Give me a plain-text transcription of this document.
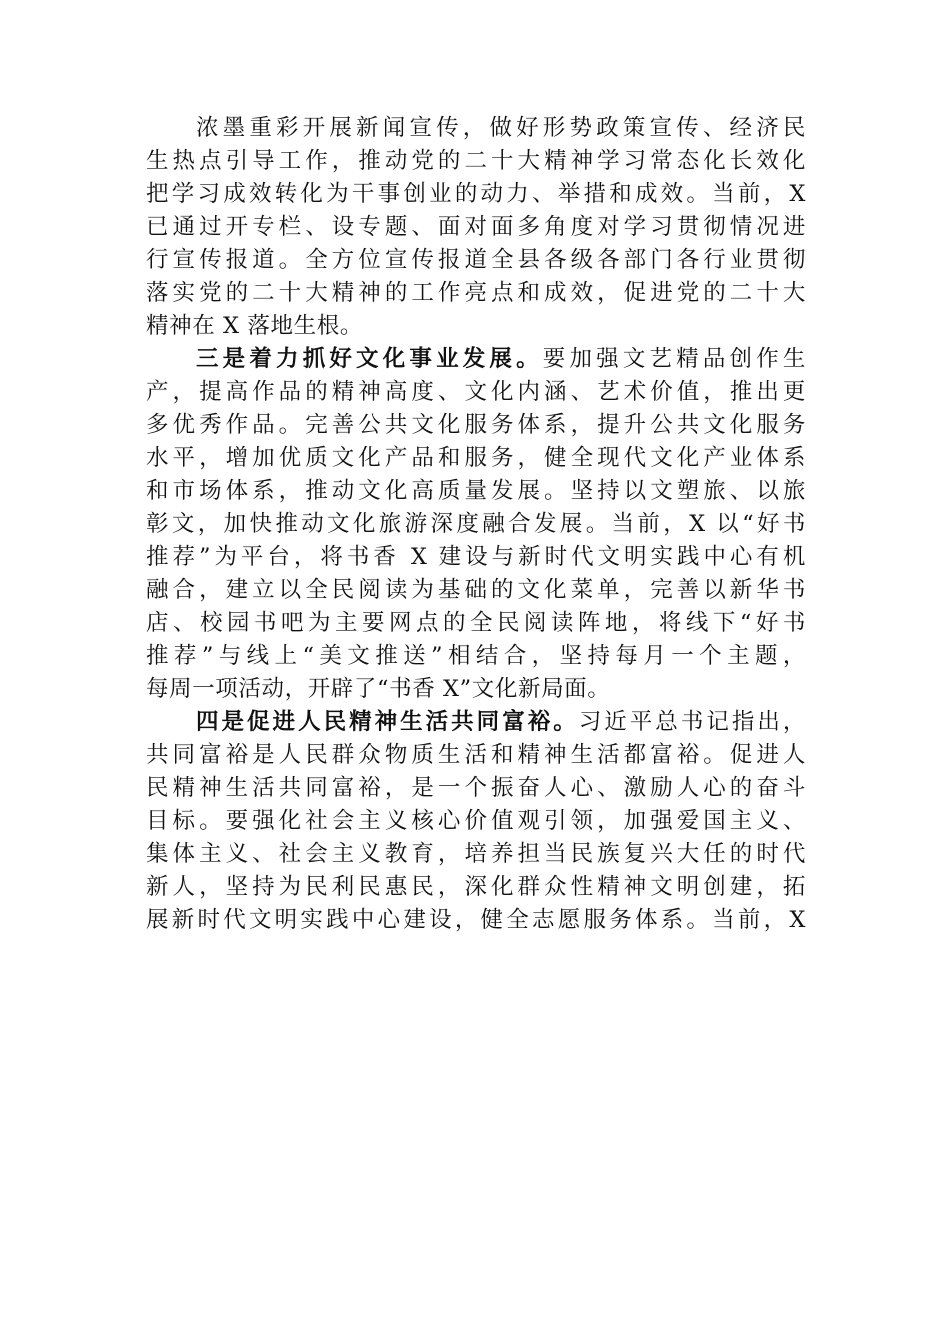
浓墨重彩开展新闻宣传，做好形势政策宣传、经济民
生热点引导工作，推动党的二十大精神学习常态化长效化
把学习成效转化为干事创业的动力、举措和成效。当前，X
已通过开专栏、设专题、面对面多角度对学习贯彻情况进
行宣传报道。全方位宣传报道全县各级各部门各行业贯彻
落实党的二十大精神的工作亮点和成效，促进党的二十大
精神在 X 落地生根。
三是着力抓好文化事业发展。要加强文艺精品创作生
产，提高作品的精神高度、文化内涵、艺术价值，推出更
多优秀作品。完善公共文化服务体系，提升公共文化服务
水平，增加优质文化产品和服务，健全现代文化产业体系
和市场体系，推动文化高质量发展。坚持以文塑旅、以旅
彰文，加快推动文化旅游深度融合发展。当前，X 以“好书
推荐”为平台，将书香 X 建设与新时代文明实践中心有机
融合，建立以全民阅读为基础的文化菜单，完善以新华书
店、校园书吧为主要网点的全民阅读阵地，将线下“好书
推荐”与线上“美文推送”相结合，坚持每月一个主题，
每周一项活动，开辟了“书香 X”文化新局面。
四是促进人民精神生活共同富裕。习近平总书记指出，
共同富裕是人民群众物质生活和精神生活都富裕。促进人
民精神生活共同富裕，是一个振奋人心、激励人心的奋斗
目标。要强化社会主义核心价值观引领，加强爱国主义、
集体主义、社会主义教育，培养担当民族复兴大任的时代
新人，坚持为民利民惠民，深化群众性精神文明创建，拓
展新时代文明实践中心建设，健全志愿服务体系。当前，X
